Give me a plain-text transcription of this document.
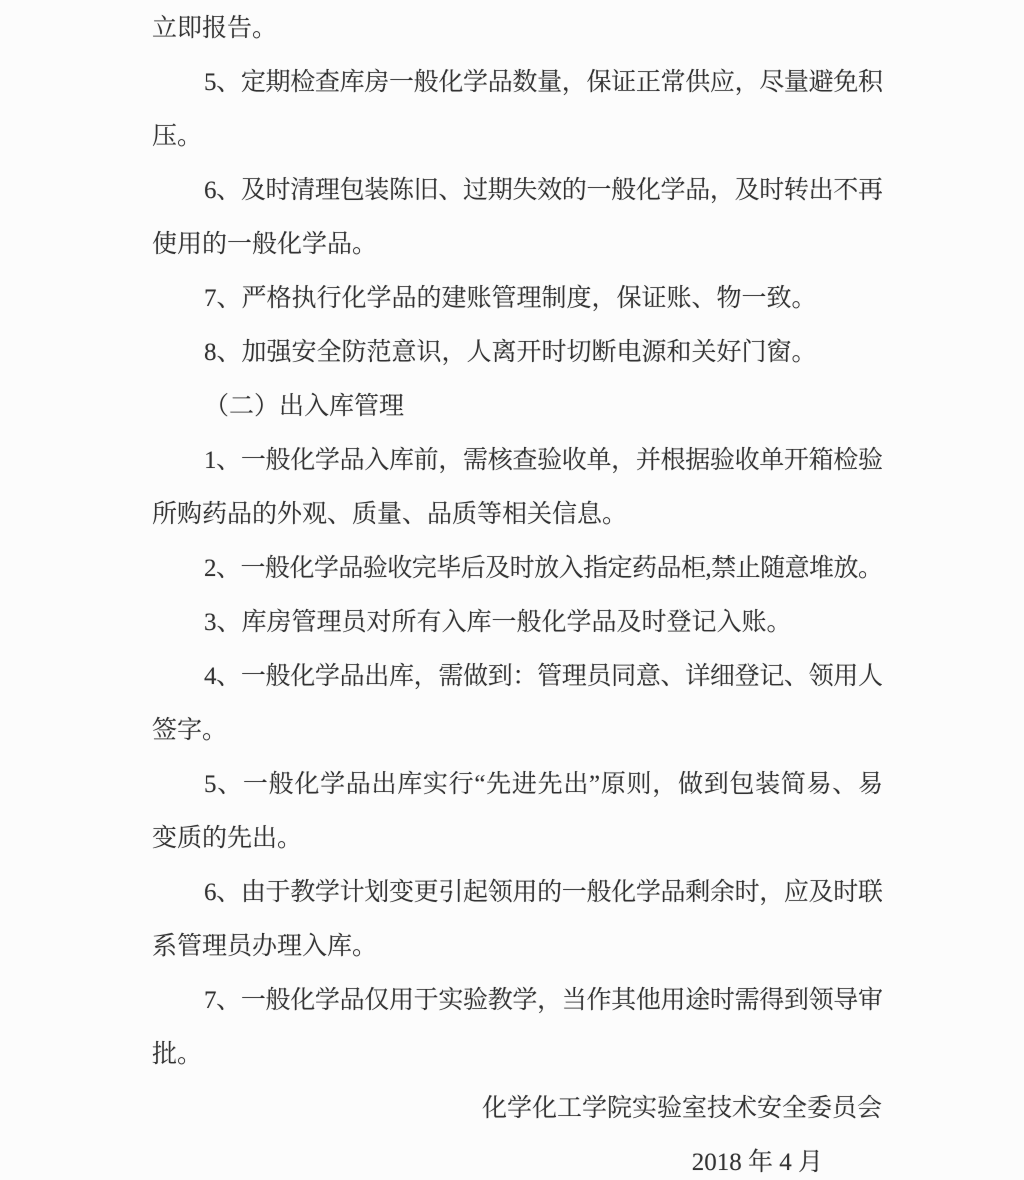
立即报告。
5、定期检查库房一般化学品数量，保证正常供应，尽量避免积
压。
6、及时清理包装陈旧、过期失效的一般化学品，及时转出不再
使用的一般化学品。
7、严格执行化学品的建账管理制度，保证账、物一致。
8、加强安全防范意识，人离开时切断电源和关好门窗。
（二）出入库管理
1、一般化学品入库前，需核查验收单，并根据验收单开箱检验
所购药品的外观、质量、品质等相关信息。
2、一般化学品验收完毕后及时放入指定药品柜,禁止随意堆放。
3、库房管理员对所有入库一般化学品及时登记入账。
4、一般化学品出库，需做到：管理员同意、详细登记、领用人
签字。
5、一般化学品出库实行“先进先出”原则，做到包装简易、易
变质的先出。
6、由于教学计划变更引起领用的一般化学品剩余时，应及时联
系管理员办理入库。
7、一般化学品仅用于实验教学，当作其他用途时需得到领导审
批。
化学化工学院实验室技术安全委员会
2018 年 4 月
